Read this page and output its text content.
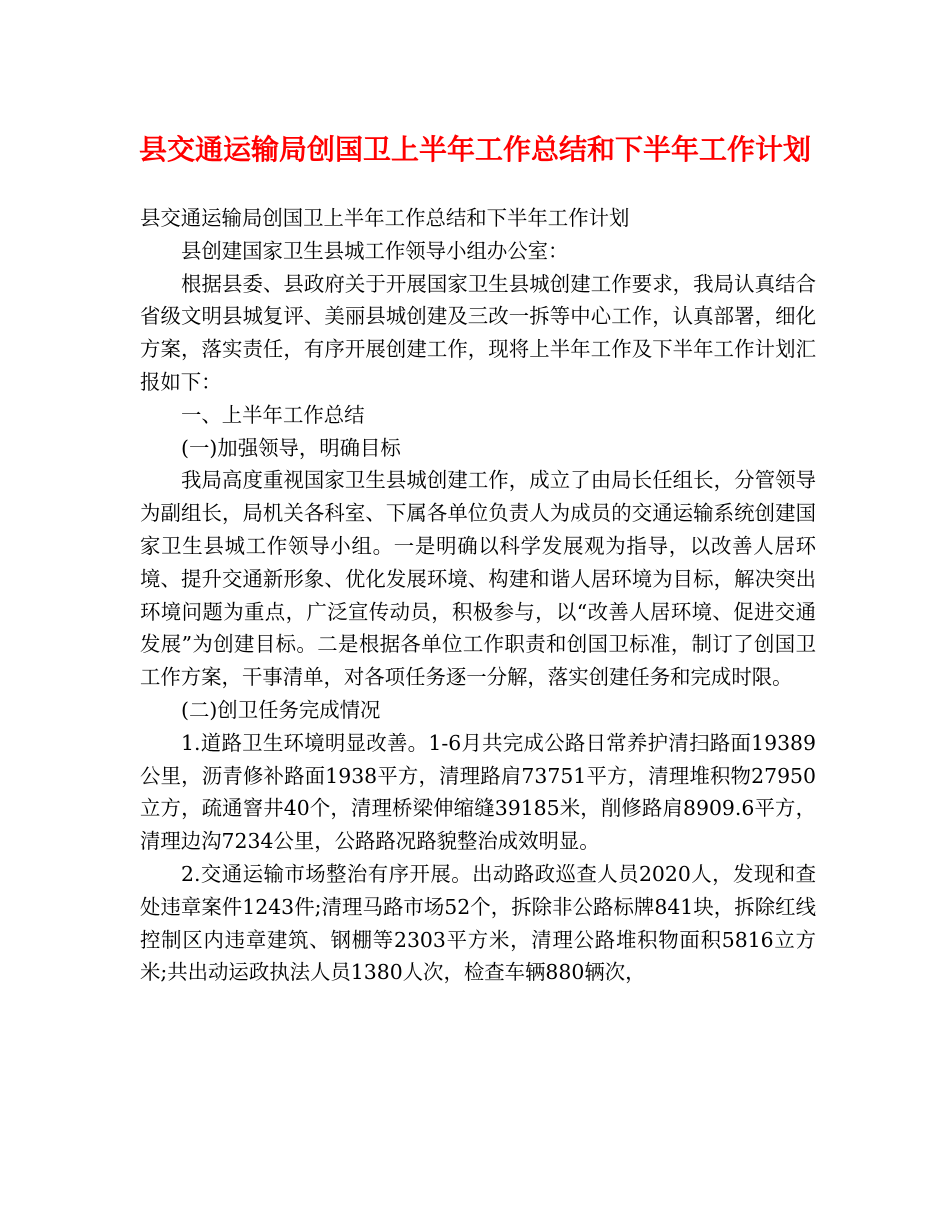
县交通运输局创国卫上半年工作总结和下半年工作计划

县交通运输局创国卫上半年工作总结和下半年工作计划

县创建国家卫生县城工作领导小组办公室：

根据县委、县政府关于开展国家卫生县城创建工作要求，我局认真结合省级文明县城复评、美丽县城创建及三改一拆等中心工作，认真部署，细化方案，落实责任，有序开展创建工作，现将上半年工作及下半年工作计划汇报如下：

一、上半年工作总结

(一)加强领导，明确目标

我局高度重视国家卫生县城创建工作，成立了由局长任组长，分管领导为副组长，局机关各科室、下属各单位负责人为成员的交通运输系统创建国家卫生县城工作领导小组。一是明确以科学发展观为指导，以改善人居环境、提升交通新形象、优化发展环境、构建和谐人居环境为目标，解决突出环境问题为重点，广泛宣传动员，积极参与，以“改善人居环境、促进交通发展”为创建目标。二是根据各单位工作职责和创国卫标准，制订了创国卫工作方案，干事清单，对各项任务逐一分解，落实创建任务和完成时限。

(二)创卫任务完成情况

1.道路卫生环境明显改善。1-6月共完成公路日常养护清扫路面19389公里，沥青修补路面1938平方，清理路肩73751平方，清理堆积物27950立方，疏通窨井40个，清理桥梁伸缩缝39185米，削修路肩8909.6平方，清理边沟7234公里，公路路况路貌整治成效明显。

2.交通运输市场整治有序开展。出动路政巡查人员2020人，发现和查处违章案件1243件;清理马路市场52个，拆除非公路标牌841块，拆除红线控制区内违章建筑、钢棚等2303平方米，清理公路堆积物面积5816立方米;共出动运政执法人员1380人次，检查车辆880辆次，
